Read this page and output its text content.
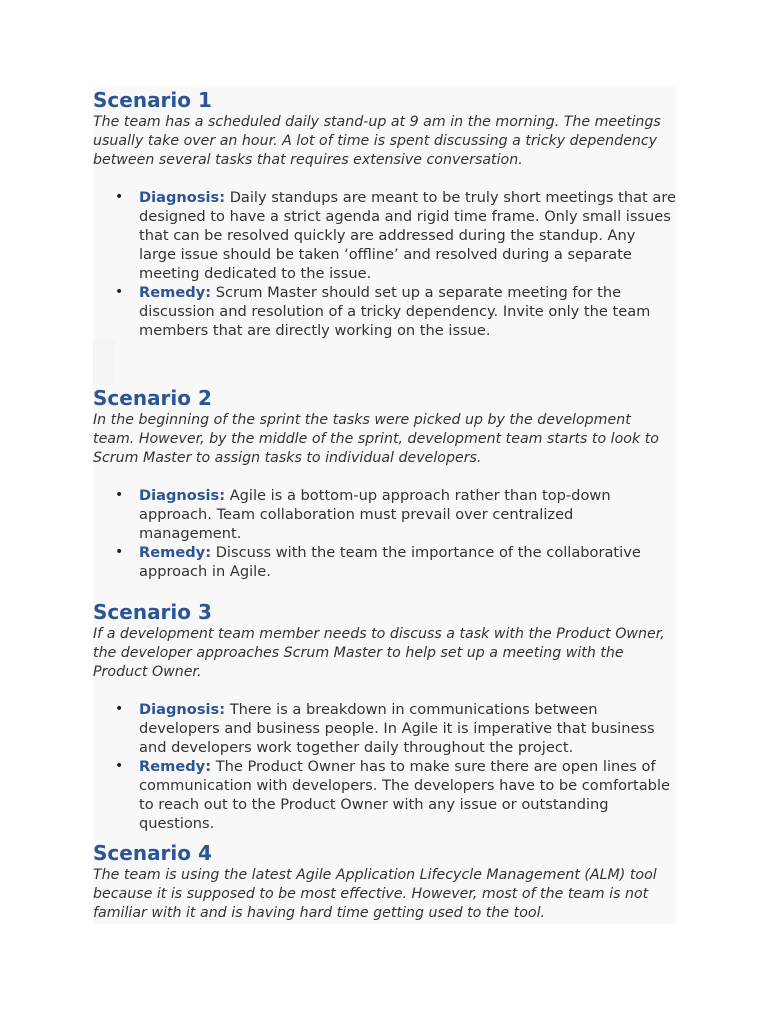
Scenario 1

The team has a scheduled daily stand-up at 9 am in the morning. The meetings usually take over an hour. A lot of time is spent discussing a tricky dependency between several tasks that requires extensive conversation.

• Diagnosis: Daily standups are meant to be truly short meetings that are designed to have a strict agenda and rigid time frame. Only small issues that can be resolved quickly are addressed during the standup. Any large issue should be taken ‘offline’ and resolved during a separate meeting dedicated to the issue.
• Remedy: Scrum Master should set up a separate meeting for the discussion and resolution of a tricky dependency. Invite only the team members that are directly working on the issue.
Scenario 2

In the beginning of the sprint the tasks were picked up by the development team. However, by the middle of the sprint, development team starts to look to Scrum Master to assign tasks to individual developers.

• Diagnosis: Agile is a bottom-up approach rather than top-down approach. Team collaboration must prevail over centralized management.
• Remedy: Discuss with the team the importance of the collaborative approach in Agile.
Scenario 3

If a development team member needs to discuss a task with the Product Owner, the developer approaches Scrum Master to help set up a meeting with the Product Owner.

• Diagnosis: There is a breakdown in communications between developers and business people. In Agile it is imperative that business and developers work together daily throughout the project.
• Remedy: The Product Owner has to make sure there are open lines of communication with developers. The developers have to be comfortable to reach out to the Product Owner with any issue or outstanding questions.
Scenario 4

The team is using the latest Agile Application Lifecycle Management (ALM) tool because it is supposed to be most effective. However, most of the team is not familiar with it and is having hard time getting used to the tool.
